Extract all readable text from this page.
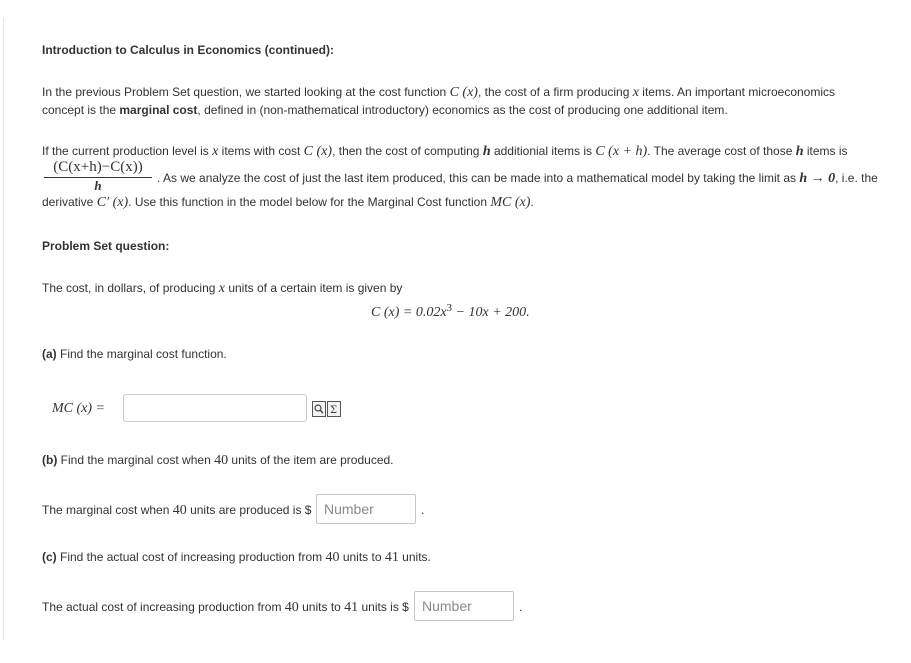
Introduction to Calculus in Economics (continued):
In the previous Problem Set question, we started looking at the cost function C (x), the cost of a firm producing x items. An important microeconomics
concept is the marginal cost, defined in (non-mathematical introductory) economics as the cost of producing one additional item.
If the current production level is x items with cost C (x), then the cost of computing h additionial items is C (x + h). The average cost of those h items is
(C(x+h)−C(x))
h	. As we analyze the cost of just the last item produced, this can be made into a mathematical model by taking the limit as h → 0, i.e. the
derivative C′ (x). Use this function in the model below for the Marginal Cost function MC (x).
Problem Set question:
The cost, in dollars, of producing x units of a certain item is given by
C $(x) = 0.02x^3 - 10x + 200$.
(a) Find the marginal cost function.
MC (x) =	Σ
(b) Find the marginal cost when 40 units of the item are produced.
The marginal cost when 40 units are produced is $ Number	.
(c) Find the actual cost of increasing production from 40 units to 41 units.
The actual cost of increasing production from 40 units to 41 units is $ Number	.
